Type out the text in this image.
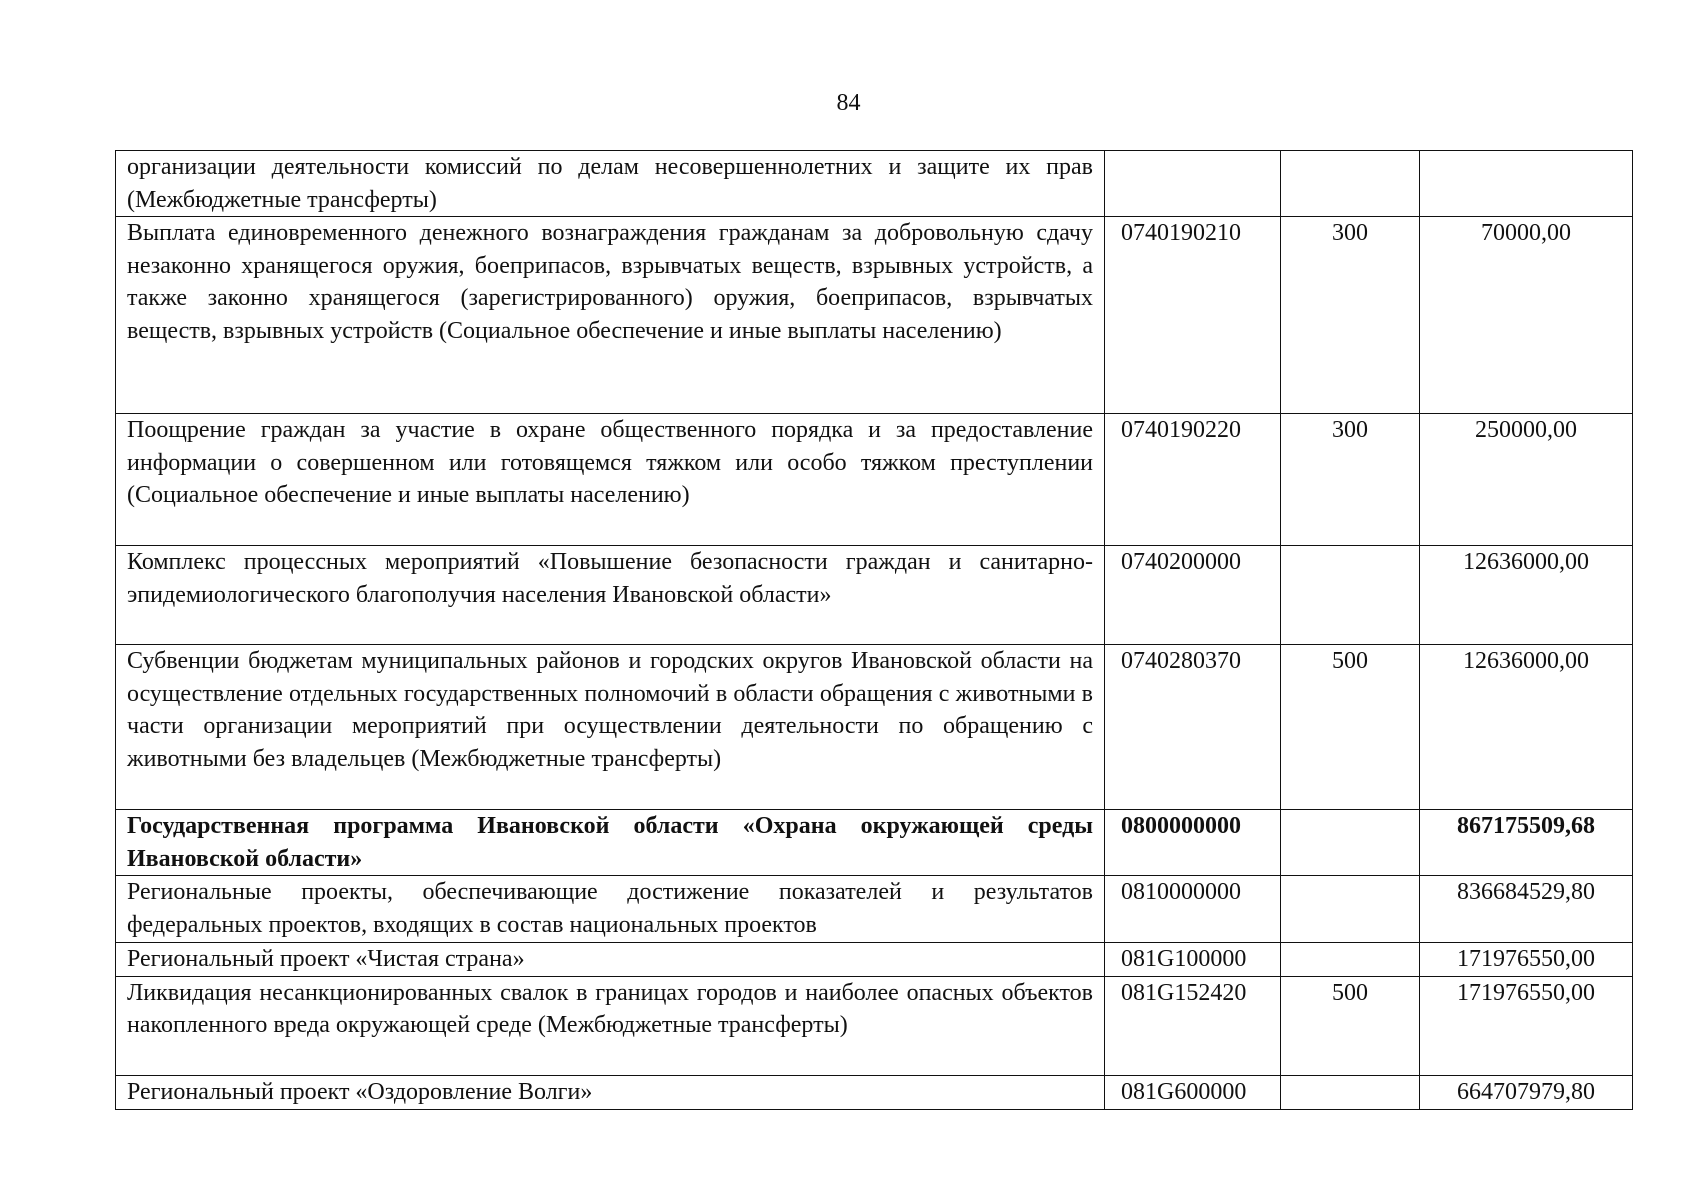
84
организации деятельности комиссий по делам несовершеннолетних и защите их прав (Межбюджетные трансферты)			
Выплата единовременного денежного вознаграждения гражданам за добровольную сдачу незаконно хранящегося оружия, боеприпасов, взрывчатых веществ, взрывных устройств, а также законно хранящегося (зарегистрированного) оружия, боеприпасов, взрывчатых веществ, взрывных устройств (Социальное обеспечение и иные выплаты населению)	0740190210	300	70000,00
Поощрение граждан за участие в охране общественного порядка и за предоставление информации о совершенном или готовящемся тяжком или особо тяжком преступлении (Социальное обеспечение и иные выплаты населению)	0740190220	300	250000,00
Комплекс процессных мероприятий «Повышение безопасности граждан и санитарно-эпидемиологического благополучия населения Ивановской области»	0740200000		12636000,00
Субвенции бюджетам муниципальных районов и городских округов Ивановской области на осуществление отдельных государственных полномочий в области обращения с животными в части организации мероприятий при осуществлении деятельности по обращению с животными без владельцев (Межбюджетные трансферты)	0740280370	500	12636000,00
Государственная программа Ивановской области «Охрана окружающей среды Ивановской области»	0800000000		867175509,68
Региональные проекты, обеспечивающие достижение показателей и результатов федеральных проектов, входящих в состав национальных проектов	0810000000		836684529,80
Региональный проект «Чистая страна»	081G100000		171976550,00
Ликвидация несанкционированных свалок в границах городов и наиболее опасных объектов накопленного вреда окружающей среде (Межбюджетные трансферты)	081G152420	500	171976550,00
Региональный проект «Оздоровление Волги»	081G600000		664707979,80
